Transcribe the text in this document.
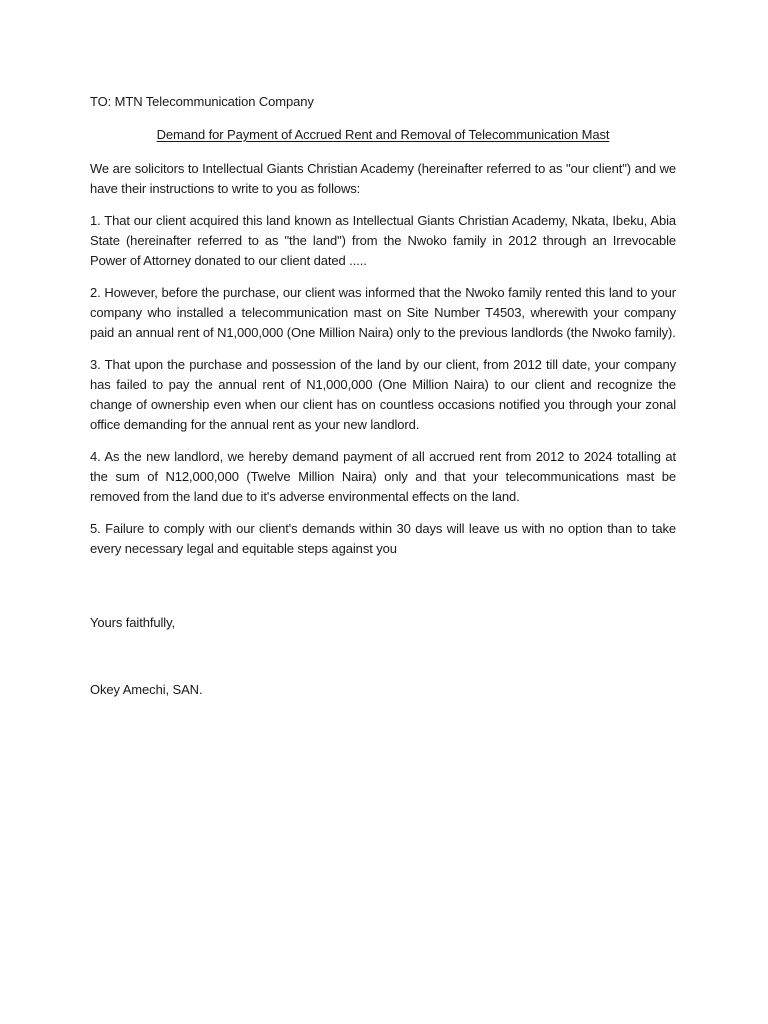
TO: MTN Telecommunication Company

Demand for Payment of Accrued Rent and Removal of Telecommunication Mast

We are solicitors to Intellectual Giants Christian Academy (hereinafter referred to as "our client") and we have their instructions to write to you as follows:

1. That our client acquired this land known as Intellectual Giants Christian Academy, Nkata, Ibeku, Abia State (hereinafter referred to as "the land") from the Nwoko family in 2012 through an Irrevocable Power of Attorney donated to our client dated .....

2. However, before the purchase, our client was informed that the Nwoko family rented this land to your company who installed a telecommunication mast on Site Number T4503, wherewith your company paid an annual rent of N1,000,000 (One Million Naira) only to the previous landlords (the Nwoko family).

3. That upon the purchase and possession of the land by our client, from 2012 till date, your company has failed to pay the annual rent of N1,000,000 (One Million Naira) to our client and recognize the change of ownership even when our client has on countless occasions notified you through your zonal office demanding for the annual rent as your new landlord.

4. As the new landlord, we hereby demand payment of all accrued rent from 2012 to 2024 totalling at the sum of N12,000,000 (Twelve Million Naira) only and that your telecommunications mast be removed from the land due to it's adverse environmental effects on the land.

5. Failure to comply with our client's demands within 30 days will leave us with no option than to take every necessary legal and equitable steps against you

Yours faithfully,

Okey Amechi, SAN.
